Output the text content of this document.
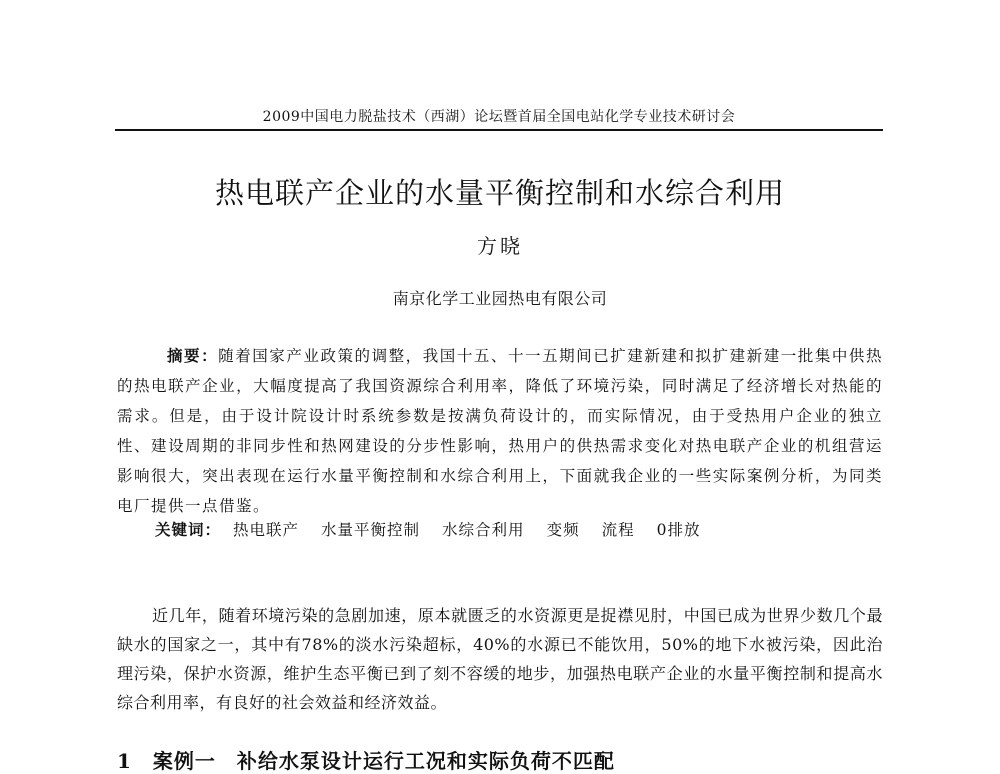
2009中国电力脱盐技术（西湖）论坛暨首届全国电站化学专业技术研讨会
热电联产企业的水量平衡控制和水综合利用
方晓
南京化学工业园热电有限公司
摘要：随着国家产业政策的调整，我国十五、十一五期间已扩建新建和拟扩建新建一批集中供热的热电联产企业，大幅度提高了我国资源综合利用率，降低了环境污染，同时满足了经济增长对热能的需求。但是，由于设计院设计时系统参数是按满负荷设计的，而实际情况，由于受热用户企业的独立性、建设周期的非同步性和热网建设的分步性影响，热用户的供热需求变化对热电联产企业的机组营运影响很大，突出表现在运行水量平衡控制和水综合利用上，下面就我企业的一些实际案例分析，为同类电厂提供一点借鉴。
关键词： 热电联产 水量平衡控制 水综合利用 变频 流程 0排放
近几年，随着环境污染的急剧加速，原本就匮乏的水资源更是捉襟见肘，中国已成为世界少数几个最缺水的国家之一，其中有78%的淡水污染超标，40%的水源已不能饮用，50%的地下水被污染，因此治理污染，保护水资源，维护生态平衡已到了刻不容缓的地步，加强热电联产企业的水量平衡控制和提高水综合利用率，有良好的社会效益和经济效益。
1　案例一　补给水泵设计运行工况和实际负荷不匹配
